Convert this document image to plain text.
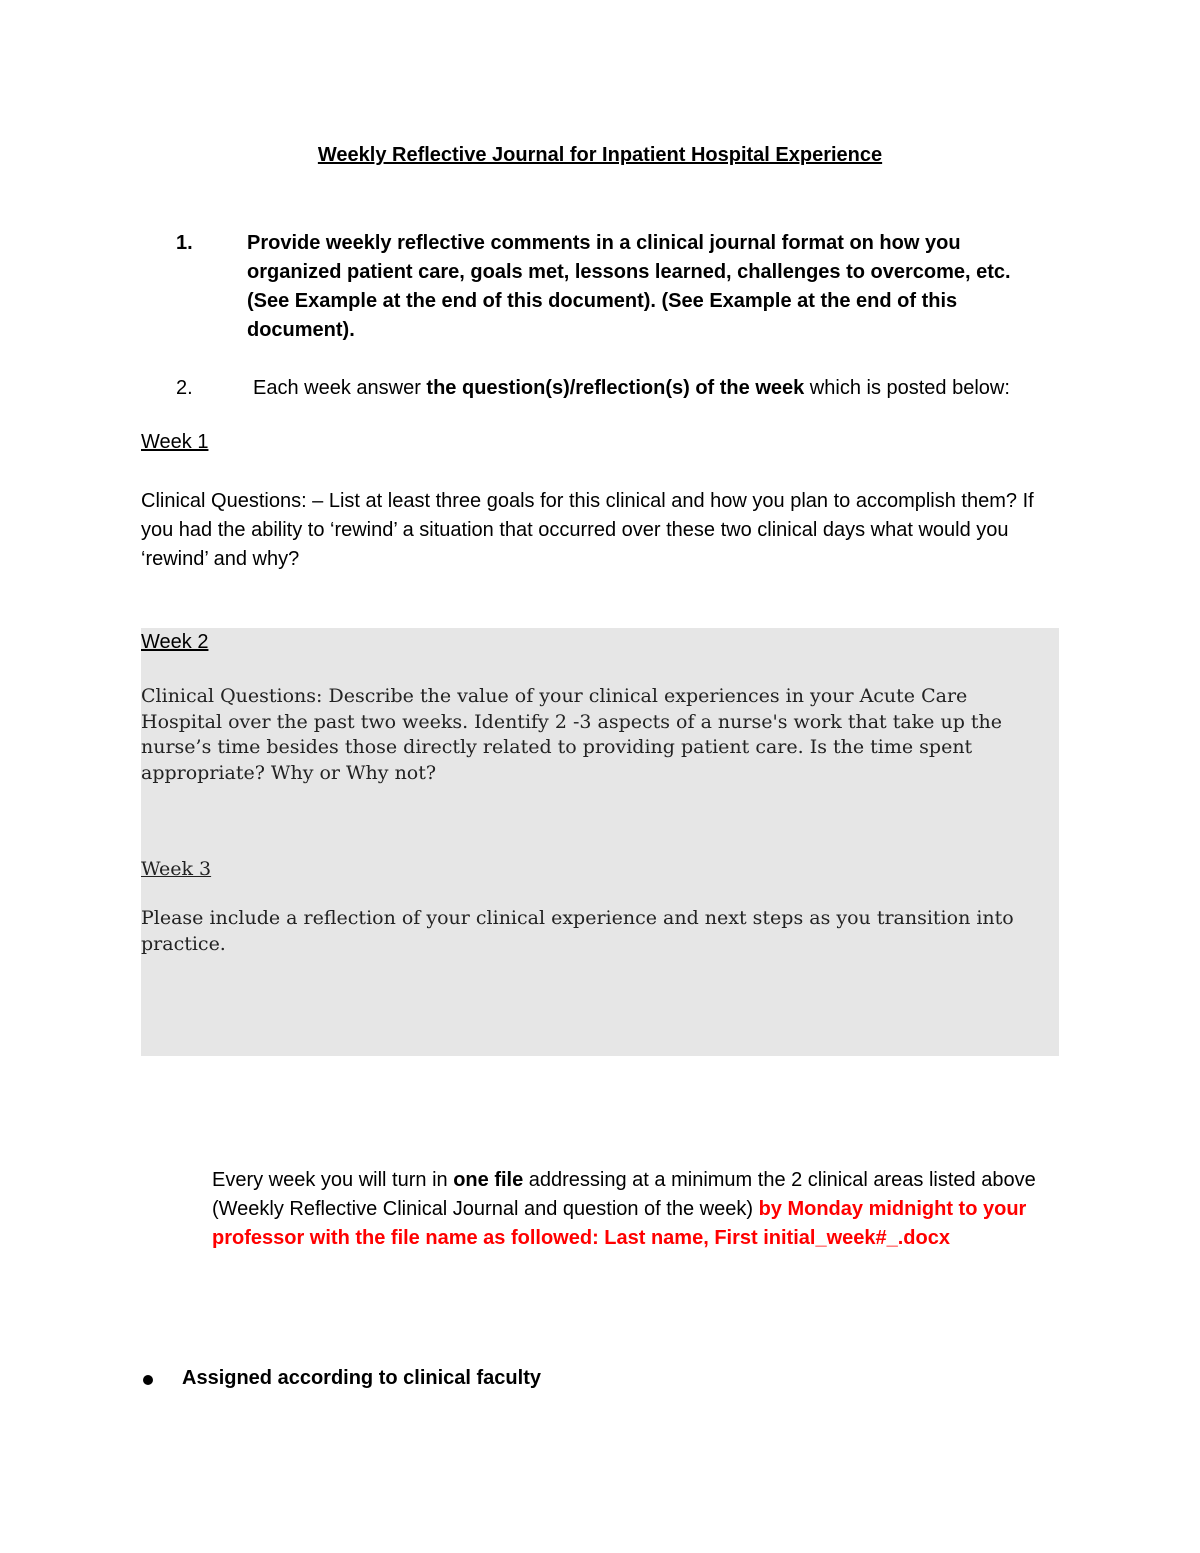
Weekly Reflective Journal for Inpatient Hospital Experience
1.	Provide weekly reflective comments in a clinical journal format on how you organized patient care, goals met, lessons learned, challenges to overcome, etc. (See Example at the end of this document). (See Example at the end of this document).
2.	Each week answer the question(s)/reflection(s) of the week which is posted below:
Week 1
Clinical Questions: – List at least three goals for this clinical and how you plan to accomplish them? If you had the ability to ‘rewind’ a situation that occurred over these two clinical days what would you ‘rewind’ and why?
Week 2
Clinical Questions: Describe the value of your clinical experiences in your Acute Care Hospital over the past two weeks. Identify 2 -3 aspects of a nurse's work that take up the nurse’s time besides those directly related to providing patient care. Is the time spent appropriate? Why or Why not?
Week 3
Please include a reflection of your clinical experience and next steps as you transition into practice.
Every week you will turn in one file addressing at a minimum the 2 clinical areas listed above (Weekly Reflective Clinical Journal and question of the week) by Monday midnight to your professor with the file name as followed: Last name, First initial_week#_.docx
Assigned according to clinical faculty
